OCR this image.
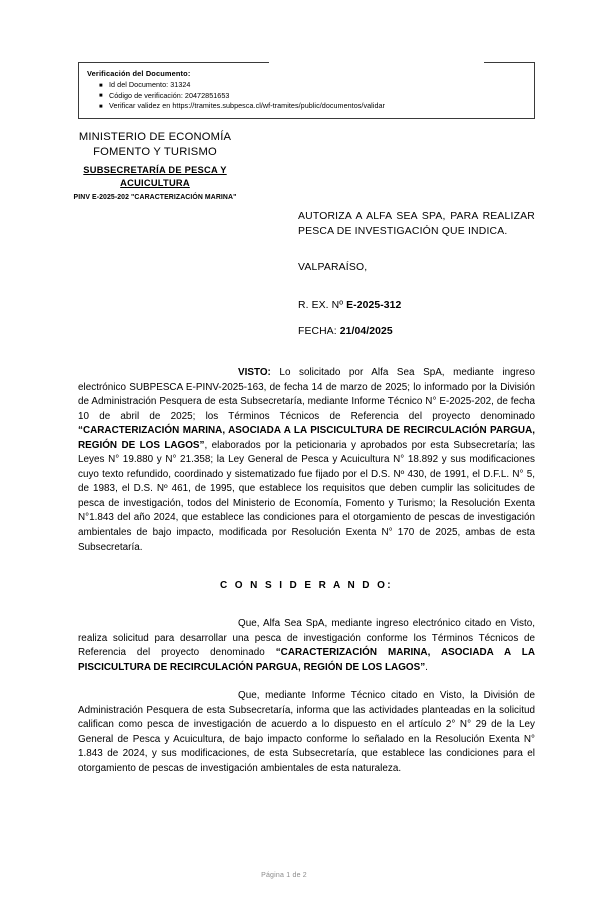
Verificación del Documento:
■ Id del Documento: 31324
■ Código de verificación: 20472851653
■ Verificar validez en https://tramites.subpesca.cl/wf-tramites/public/documentos/validar
MINISTERIO DE ECONOMÍA
FOMENTO Y TURISMO
SUBSECRETARÍA DE PESCA Y
ACUICULTURA
PINV E-2025-202 "CARACTERIZACIÓN MARINA"
AUTORIZA A ALFA SEA SPA, PARA REALIZAR PESCA DE INVESTIGACIÓN QUE INDICA.
VALPARAÍSO,
R. EX. Nº E-2025-312
FECHA: 21/04/2025

VISTO: Lo solicitado por Alfa Sea SpA, mediante ingreso electrónico SUBPESCA E-PINV-2025-163, de fecha 14 de marzo de 2025; lo informado por la División de Administración Pesquera de esta Subsecretaría, mediante Informe Técnico N° E-2025-202, de fecha 10 de abril de 2025; los Términos Técnicos de Referencia del proyecto denominado “CARACTERIZACIÓN MARINA, ASOCIADA A LA PISCICULTURA DE RECIRCULACIÓN PARGUA, REGIÓN DE LOS LAGOS”, elaborados por la peticionaria y aprobados por esta Subsecretaría; las Leyes N° 19.880 y N° 21.358; la Ley General de Pesca y Acuicultura N° 18.892 y sus modificaciones cuyo texto refundido, coordinado y sistematizado fue fijado por el D.S. Nº 430, de 1991, el D.F.L. N° 5, de 1983, el D.S. Nº 461, de 1995, que establece los requisitos que deben cumplir las solicitudes de pesca de investigación, todos del Ministerio de Economía, Fomento y Turismo; la Resolución Exenta N°1.843 del año 2024, que establece las condiciones para el otorgamiento de pescas de investigación ambientales de bajo impacto, modificada por Resolución Exenta N° 170 de 2025, ambas de esta Subsecretaría.

C O N S I D E R A N D O:

Que, Alfa Sea SpA, mediante ingreso electrónico citado en Visto, realiza solicitud para desarrollar una pesca de investigación conforme los Términos Técnicos de Referencia del proyecto denominado “CARACTERIZACIÓN MARINA, ASOCIADA A LA PISCICULTURA DE RECIRCULACIÓN PARGUA, REGIÓN DE LOS LAGOS”.

Que, mediante Informe Técnico citado en Visto, la División de Administración Pesquera de esta Subsecretaría, informa que las actividades planteadas en la solicitud califican como pesca de investigación de acuerdo a lo dispuesto en el artículo 2° N° 29 de la Ley General de Pesca y Acuicultura, de bajo impacto conforme lo señalado en la Resolución Exenta N° 1.843 de 2024, y sus modificaciones, de esta Subsecretaría, que establece las condiciones para el otorgamiento de pescas de investigación ambientales de esta naturaleza.

Página 1 de 2
